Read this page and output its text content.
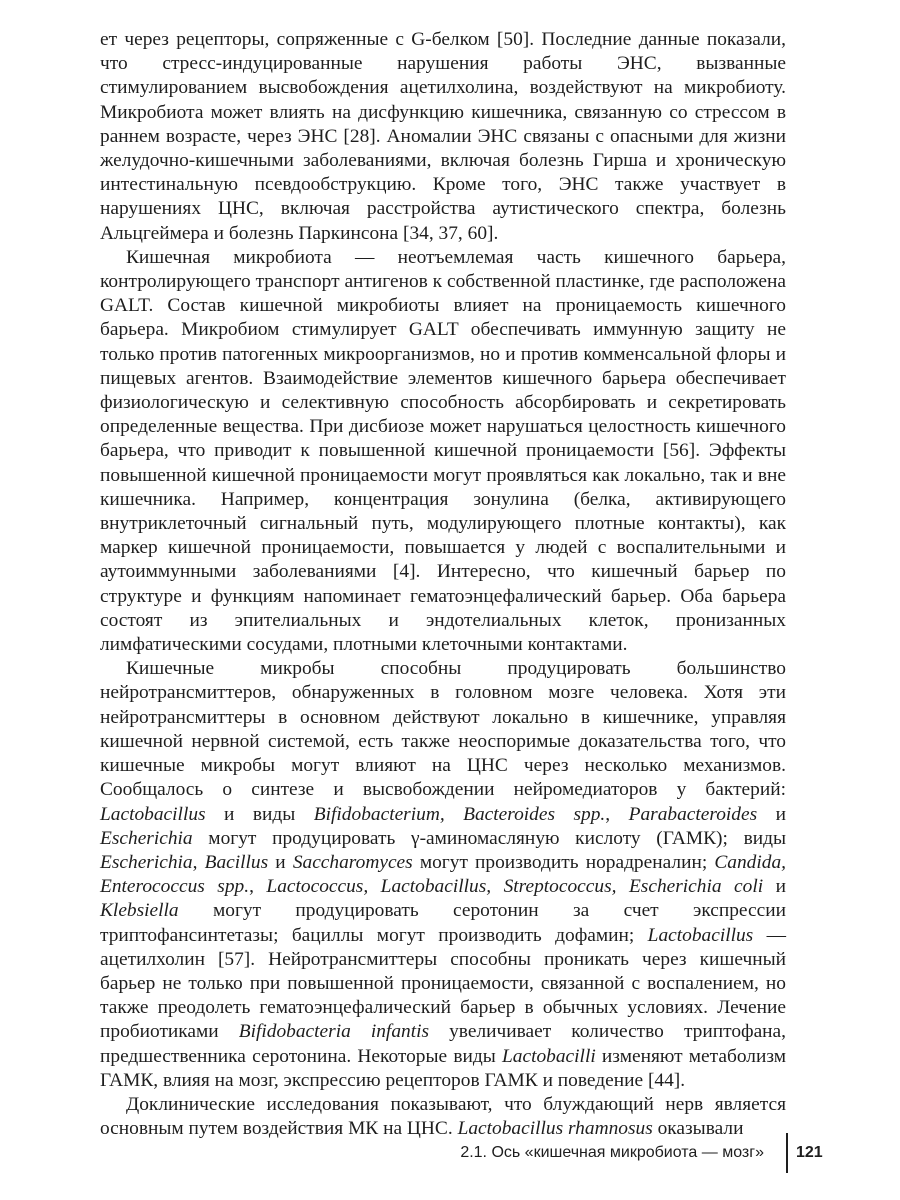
ет через рецепторы, сопряженные с G-белком [50]. Последние данные показали, что стресс-индуцированные нарушения работы ЭНС, вызванные стимулированием высвобождения ацетилхолина, воздействуют на микробиоту. Микробиота может влиять на дисфункцию кишечника, связанную со стрессом в раннем возрасте, через ЭНС [28]. Аномалии ЭНС связаны с опасными для жизни желудочно-кишечными заболеваниями, включая болезнь Гирша и хроническую интестинальную псевдообструкцию. Кроме того, ЭНС также участвует в нарушениях ЦНС, включая расстройства аутистического спектра, болезнь Альцгеймера и болезнь Паркинсона [34, 37, 60].

Кишечная микробиота — неотъемлемая часть кишечного барьера, контролирующего транспорт антигенов к собственной пластинке, где расположена GALT. Состав кишечной микробиоты влияет на проницаемость кишечного барьера. Микробиом стимулирует GALT обеспечивать иммунную защиту не только против патогенных микроорганизмов, но и против комменсальной флоры и пищевых агентов. Взаимодействие элементов кишечного барьера обеспечивает физиологическую и селективную способность абсорбировать и секретировать определенные вещества. При дисбиозе может нарушаться целостность кишечного барьера, что приводит к повышенной кишечной проницаемости [56]. Эффекты повышенной кишечной проницаемости могут проявляться как локально, так и вне кишечника. Например, концентрация зонулина (белка, активирующего внутриклеточный сигнальный путь, модулирующего плотные контакты), как маркер кишечной проницаемости, повышается у людей с воспалительными и аутоиммунными заболеваниями [4]. Интересно, что кишечный барьер по структуре и функциям напоминает гематоэнцефалический барьер. Оба барьера состоят из эпителиальных и эндотелиальных клеток, пронизанных лимфатическими сосудами, плотными клеточными контактами.

Кишечные микробы способны продуцировать большинство нейротрансмиттеров, обнаруженных в головном мозге человека. Хотя эти нейротрансмиттеры в основном действуют локально в кишечнике, управляя кишечной нервной системой, есть также неоспоримые доказательства того, что кишечные микробы могут влияют на ЦНС через несколько механизмов. Сообщалось о синтезе и высвобождении нейромедиаторов у бактерий: Lactobacillus и виды Bifidobacterium, Bacteroides spp., Parabacteroides и Escherichia могут продуцировать γ-аминомасляную кислоту (ГАМК); виды Escherichia, Bacillus и Saccharomyces могут производить норадреналин; Candida, Enterococcus spp., Lactococcus, Lactobacillus, Streptococcus, Escherichia coli и Klebsiella могут продуцировать серотонин за счет экспрессии триптофансинтетазы; бациллы могут производить дофамин; Lactobacillus — ацетилхолин [57]. Нейротрансмиттеры способны проникать через кишечный барьер не только при повышенной проницаемости, связанной с воспалением, но также преодолеть гематоэнцефалический барьер в обычных условиях. Лечение пробиотиками Bifidobacteria infantis увеличивает количество триптофана, предшественника серотонина. Некоторые виды Lactobacilli изменяют метаболизм ГАМК, влияя на мозг, экспрессию рецепторов ГАМК и поведение [44].

Доклинические исследования показывают, что блуждающий нерв является основным путем воздействия МК на ЦНС. Lactobacillus rhamnosus оказывали

2.1. Ось «кишечная микробиота — мозг» 121
